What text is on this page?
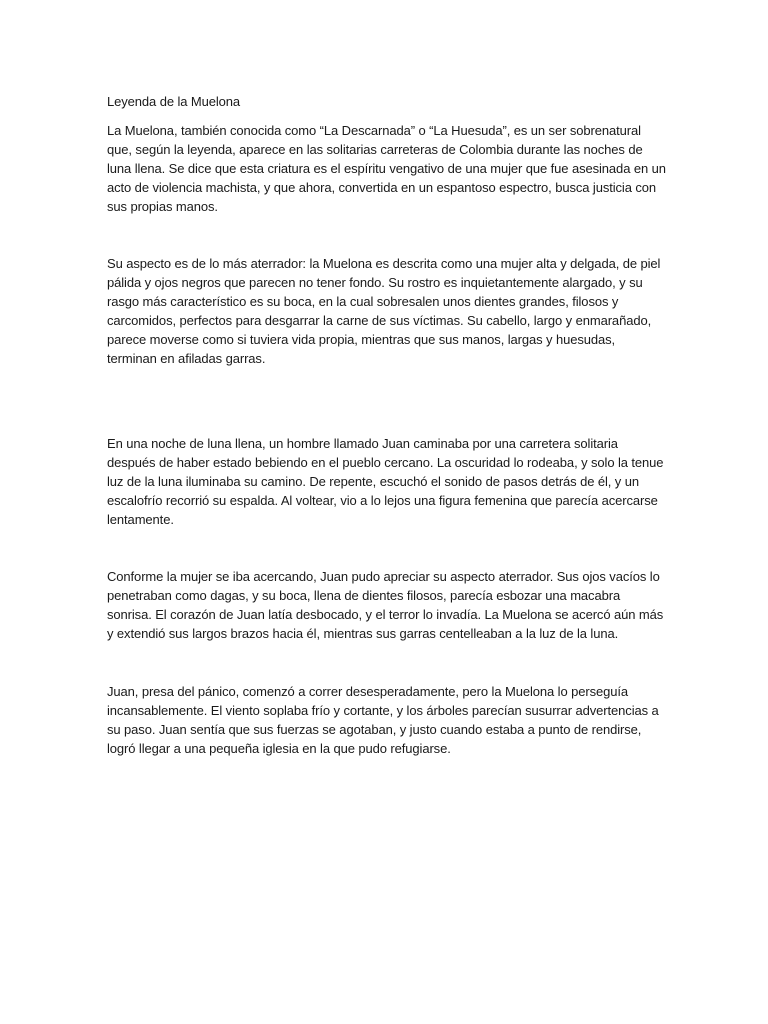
Leyenda de la Muelona

La Muelona, también conocida como “La Descarnada” o “La Huesuda”, es un ser sobrenatural que, según la leyenda, aparece en las solitarias carreteras de Colombia durante las noches de luna llena. Se dice que esta criatura es el espíritu vengativo de una mujer que fue asesinada en un acto de violencia machista, y que ahora, convertida en un espantoso espectro, busca justicia con sus propias manos.

Su aspecto es de lo más aterrador: la Muelona es descrita como una mujer alta y delgada, de piel pálida y ojos negros que parecen no tener fondo. Su rostro es inquietantemente alargado, y su rasgo más característico es su boca, en la cual sobresalen unos dientes grandes, filosos y carcomidos, perfectos para desgarrar la carne de sus víctimas. Su cabello, largo y enmarañado, parece moverse como si tuviera vida propia, mientras que sus manos, largas y huesudas, terminan en afiladas garras.

En una noche de luna llena, un hombre llamado Juan caminaba por una carretera solitaria después de haber estado bebiendo en el pueblo cercano. La oscuridad lo rodeaba, y solo la tenue luz de la luna iluminaba su camino. De repente, escuchó el sonido de pasos detrás de él, y un escalofrío recorrió su espalda. Al voltear, vio a lo lejos una figura femenina que parecía acercarse lentamente.

Conforme la mujer se iba acercando, Juan pudo apreciar su aspecto aterrador. Sus ojos vacíos lo penetraban como dagas, y su boca, llena de dientes filosos, parecía esbozar una macabra sonrisa. El corazón de Juan latía desbocado, y el terror lo invadía. La Muelona se acercó aún más y extendió sus largos brazos hacia él, mientras sus garras centelleaban a la luz de la luna.

Juan, presa del pánico, comenzó a correr desesperadamente, pero la Muelona lo perseguía incansablemente. El viento soplaba frío y cortante, y los árboles parecían susurrar advertencias a su paso. Juan sentía que sus fuerzas se agotaban, y justo cuando estaba a punto de rendirse, logró llegar a una pequeña iglesia en la que pudo refugiarse.
